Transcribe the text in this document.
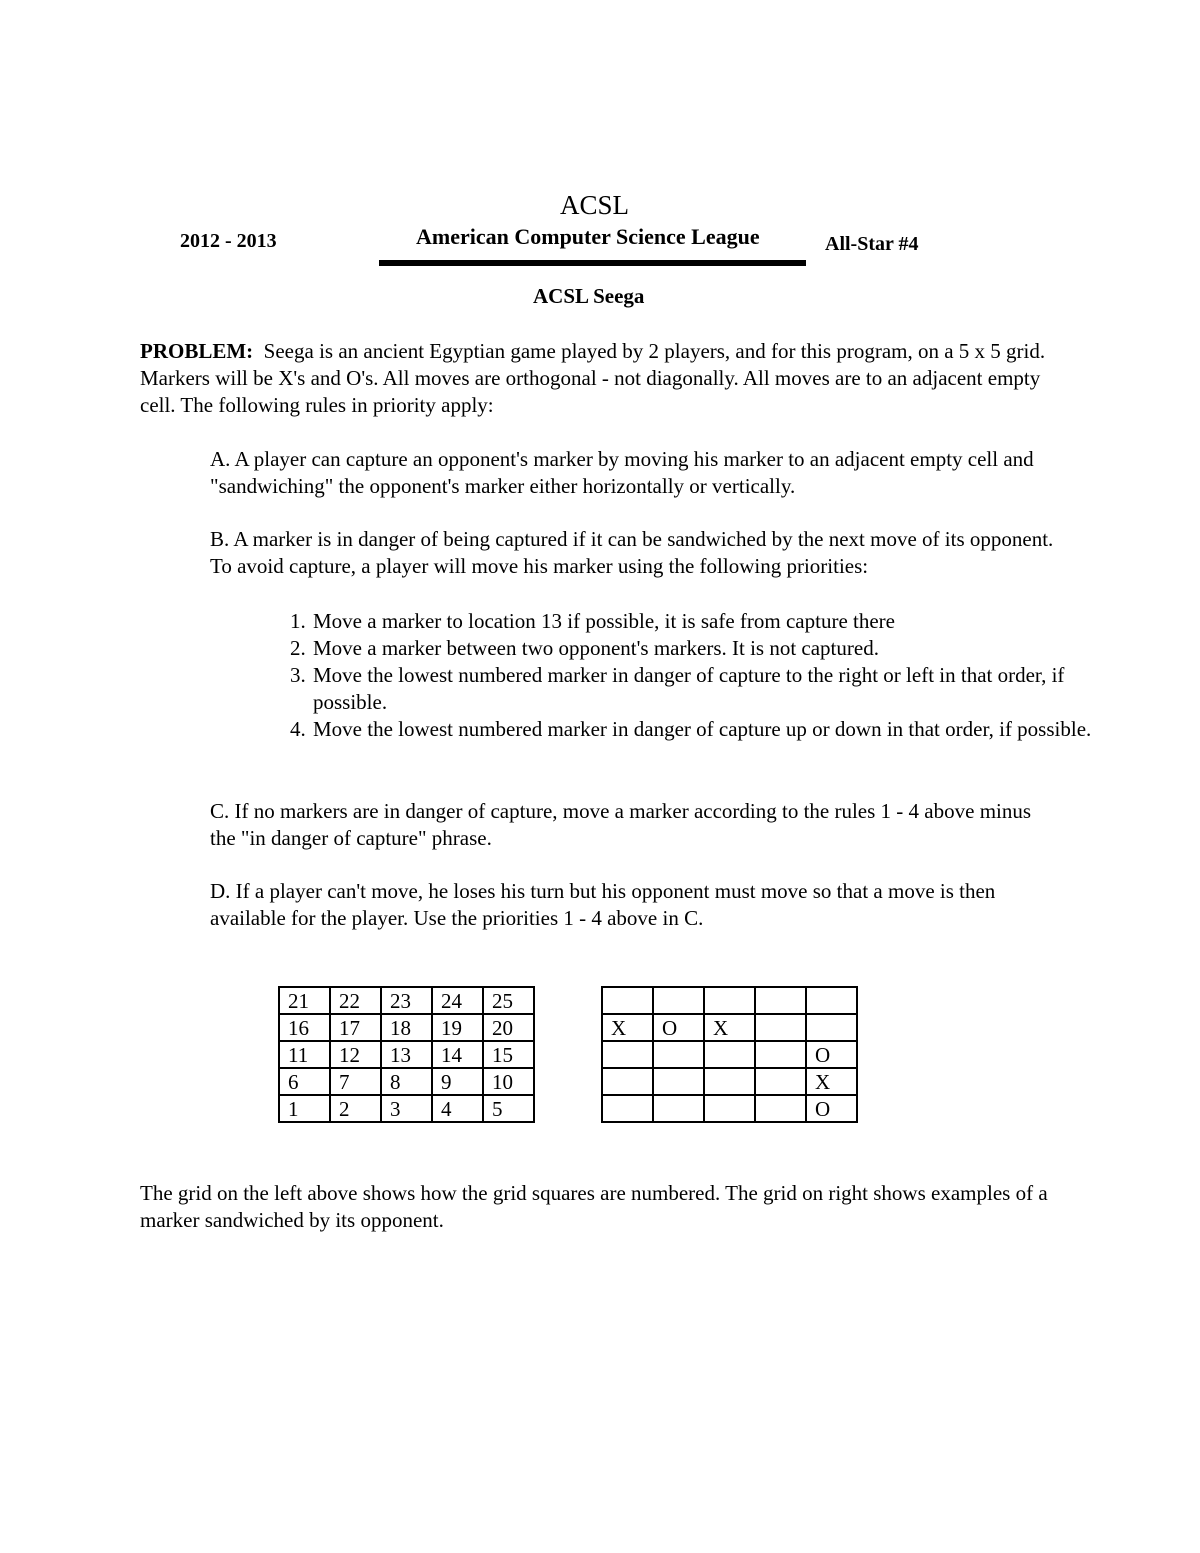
ACSL
2012 - 2013	American Computer Science League	All-Star #4
ACSL Seega
PROBLEM: Seega is an ancient Egyptian game played by 2 players, and for this program, on a 5 x 5 grid. Markers will be X's and O's. All moves are orthogonal - not diagonally. All moves are to an adjacent empty cell. The following rules in priority apply:
A. A player can capture an opponent's marker by moving his marker to an adjacent empty cell and "sandwiching" the opponent's marker either horizontally or vertically.
B. A marker is in danger of being captured if it can be sandwiched by the next move of its opponent. To avoid capture, a player will move his marker using the following priorities:
1. Move a marker to location 13 if possible, it is safe from capture there
2. Move a marker between two opponent's markers. It is not captured.
3. Move the lowest numbered marker in danger of capture to the right or left in that order, if possible.
4. Move the lowest numbered marker in danger of capture up or down in that order, if possible.
C. If no markers are in danger of capture, move a marker according to the rules 1 - 4 above minus the "in danger of capture" phrase.
D. If a player can't move, he loses his turn but his opponent must move so that a move is then available for the player. Use the priorities 1 - 4 above in C.
21	22	23	24	25
16	17	18	19	20
11	12	13	14	15
6	7	8	9	10
1	2	3	4	5

X	O	X		
				O
				X
				O
The grid on the left above shows how the grid squares are numbered. The grid on right shows examples of a marker sandwiched by its opponent.
